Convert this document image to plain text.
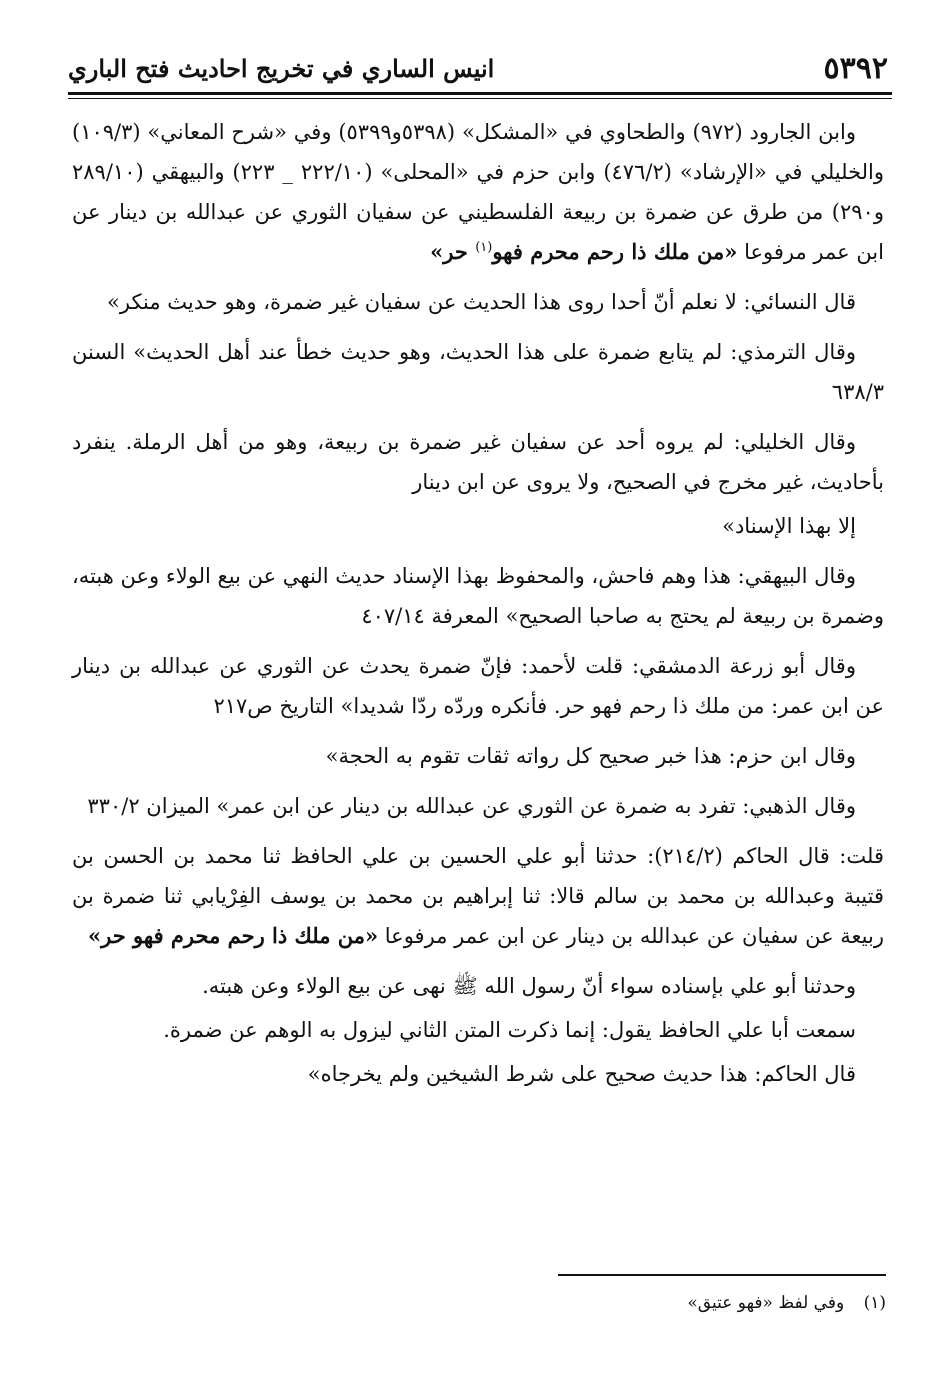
٥٣٩٢
انيس الساري في تخريج احاديث فتح الباري

وابن الجارود (٩٧٢) والطحاوي في «المشكل» (٥٣٩٨و٥٣٩٩) وفي «شرح المعاني» (١٠٩/٣) والخليلي في «الإرشاد» (٤٧٦/٢) وابن حزم في «المحلى» (٢٢٢/١٠ _ ٢٢٣) والبيهقي (٢٨٩/١٠ و٢٩٠) من طرق عن ضمرة بن ربيعة الفلسطيني عن سفيان الثوري عن عبدالله بن دينار عن ابن عمر مرفوعا «من ملك ذا رحم محرم فهو$^{(١)}$ حر»

قال النسائي: لا نعلم أنّ أحدا روى هذا الحديث عن سفيان غير ضمرة، وهو حديث منكر»

وقال الترمذي: لم يتابع ضمرة على هذا الحديث، وهو حديث خطأ عند أهل الحديث» السنن ٦٣٨/٣

وقال الخليلي: لم يروه أحد عن سفيان غير ضمرة بن ربيعة، وهو من أهل الرملة. ينفرد بأحاديث، غير مخرج في الصحيح، ولا يروى عن ابن دينار

إلا بهذا الإسناد»

وقال البيهقي: هذا وهم فاحش، والمحفوظ بهذا الإسناد حديث النهي عن بيع الولاء وعن هبته، وضمرة بن ربيعة لم يحتج به صاحبا الصحيح» المعرفة ٤٠٧/١٤

وقال أبو زرعة الدمشقي: قلت لأحمد: فإنّ ضمرة يحدث عن الثوري عن عبدالله بن دينار عن ابن عمر: من ملك ذا رحم فهو حر. فأنكره وردّه ردّا شديدا» التاريخ ص٢١٧

وقال ابن حزم: هذا خبر صحيح كل رواته ثقات تقوم به الحجة»

وقال الذهبي: تفرد به ضمرة عن الثوري عن عبدالله بن دينار عن ابن عمر» الميزان ٣٣٠/٢

قلت: قال الحاكم (٢١٤/٢): حدثنا أبو علي الحسين بن علي الحافظ ثنا محمد بن الحسن بن قتيبة وعبدالله بن محمد بن سالم قالا: ثنا إبراهيم بن محمد بن يوسف الفِرْيابي ثنا ضمرة بن ربيعة عن سفيان عن عبدالله بن دينار عن ابن عمر مرفوعا «من ملك ذا رحم محرم فهو حر»

وحدثنا أبو علي بإسناده سواء أنّ رسول الله ﷺ نهى عن بيع الولاء وعن هبته.

سمعت أبا علي الحافظ يقول: إنما ذكرت المتن الثاني ليزول به الوهم عن ضمرة.

قال الحاكم: هذا حديث صحيح على شرط الشيخين ولم يخرجاه»

(١) وفي لفظ «فهو عتيق»
